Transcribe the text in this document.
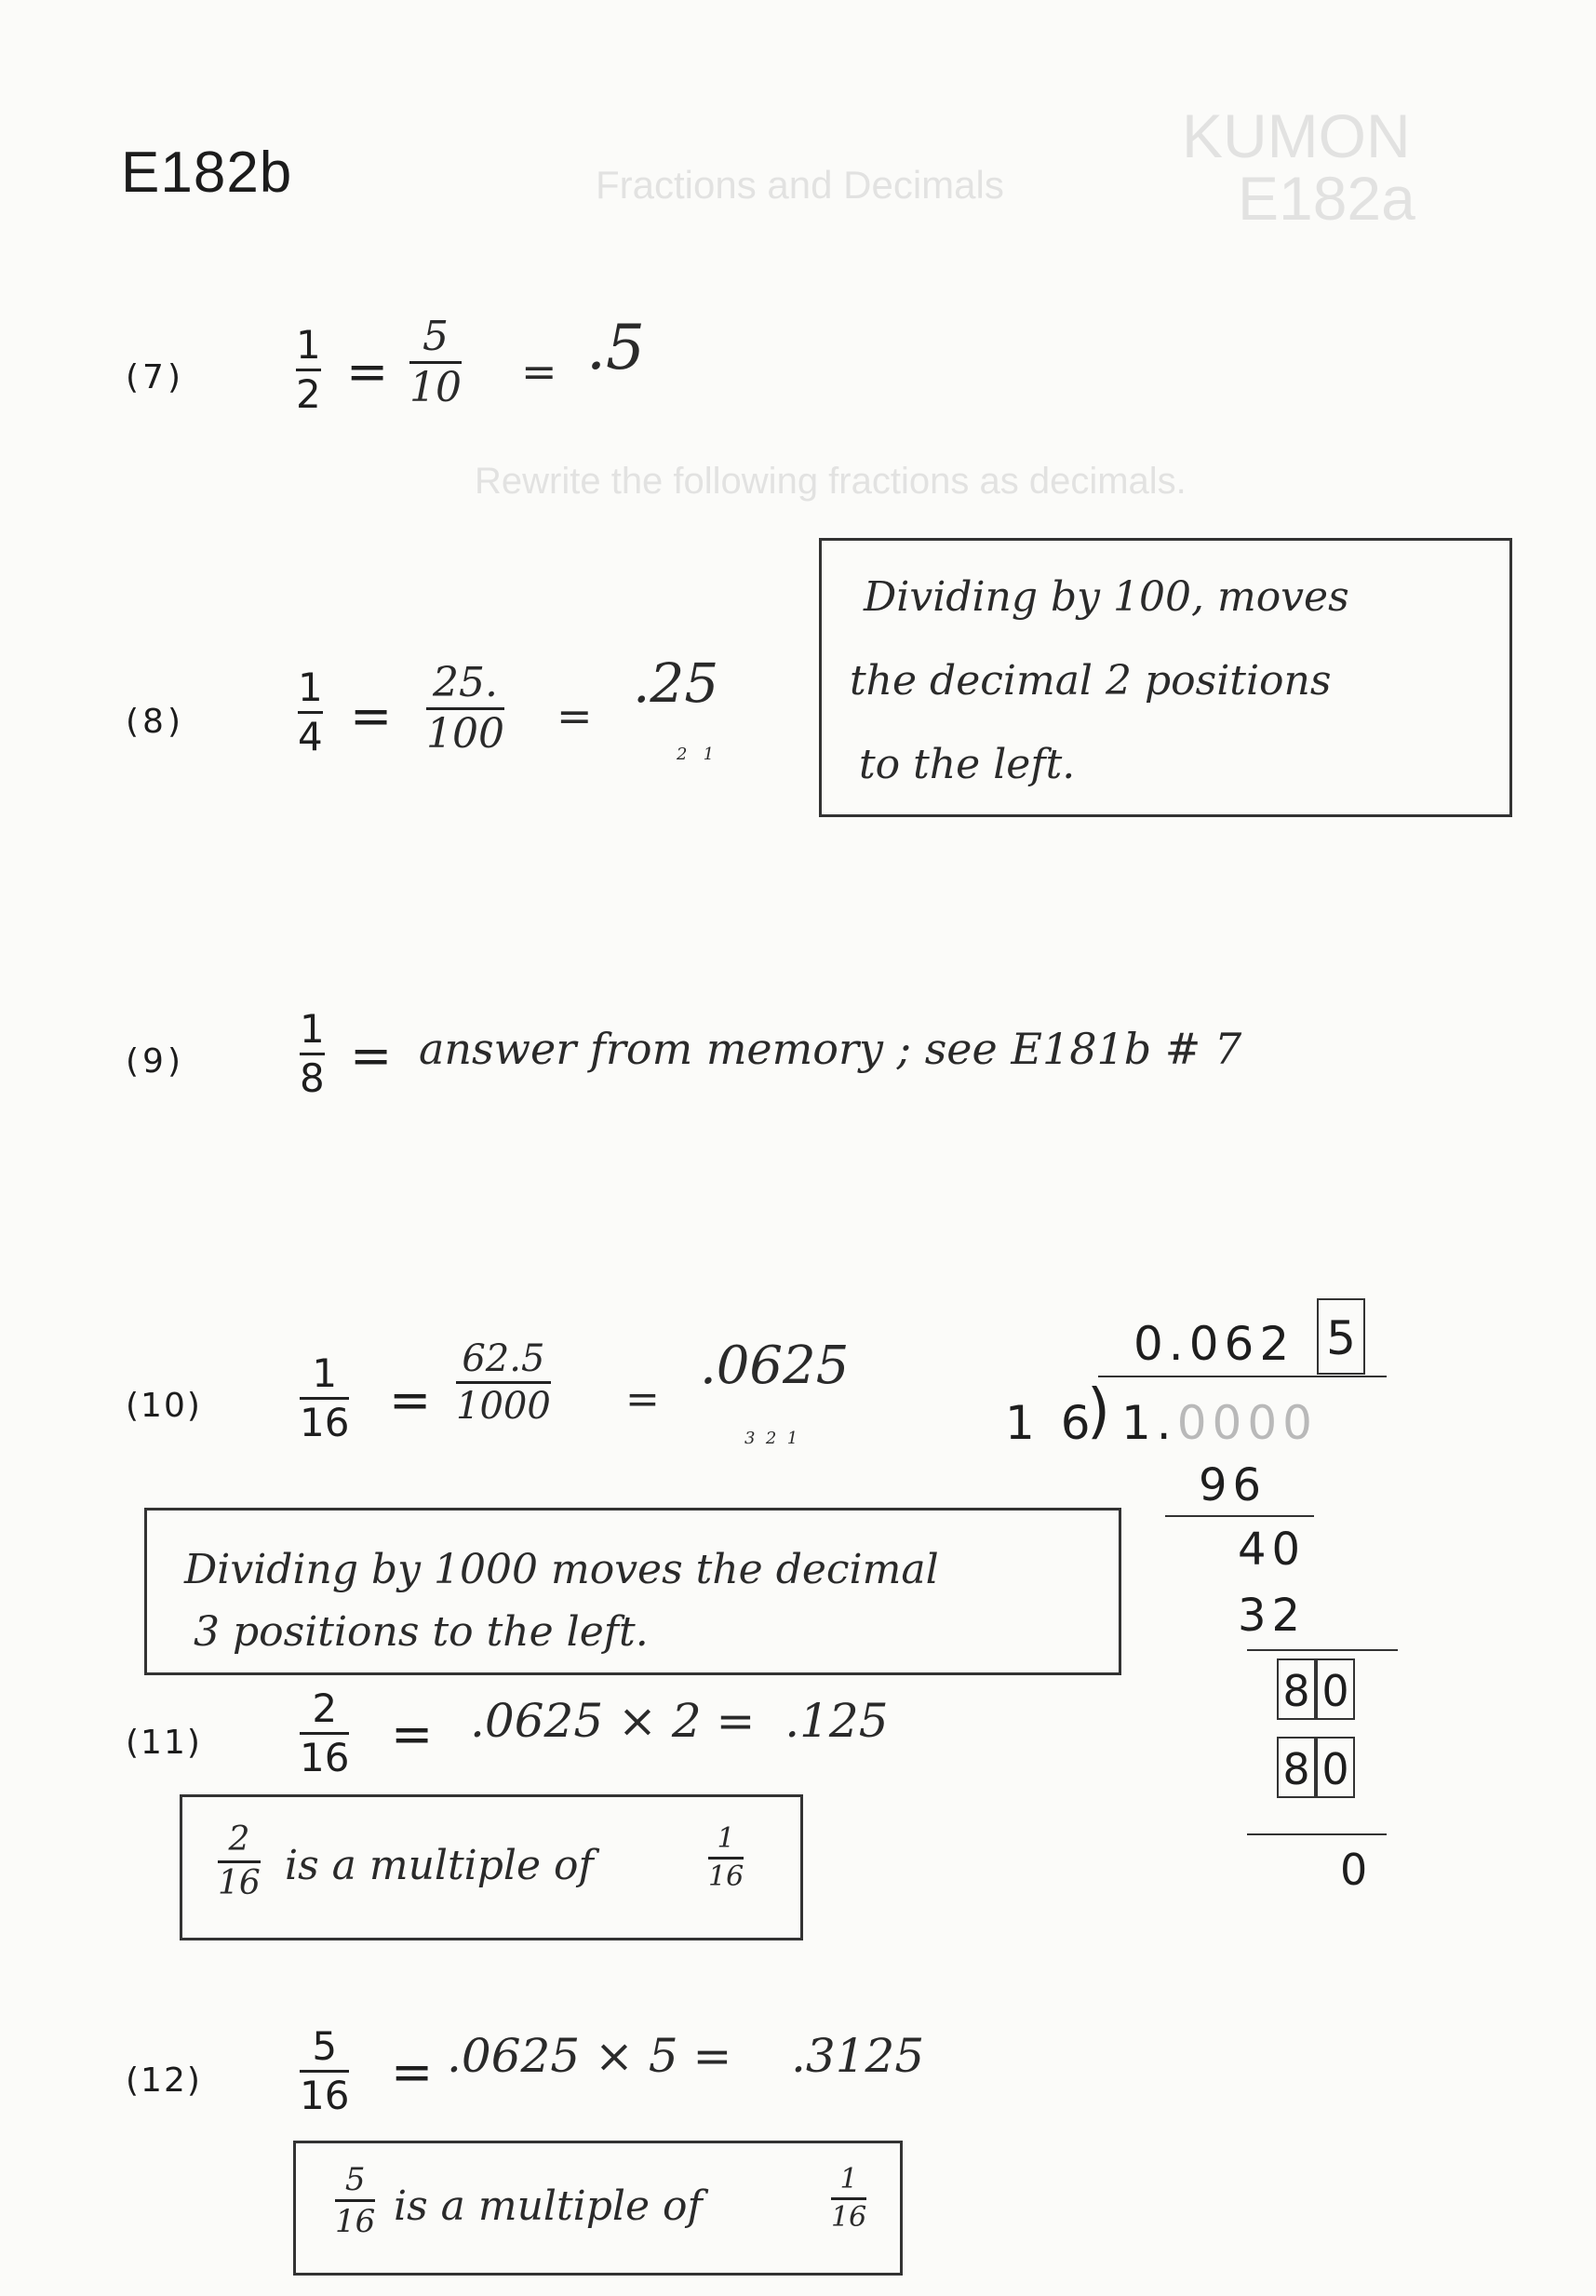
KUMON
E182a
Fractions and Decimals
Rewrite the following fractions as decimals.
E182b
(7)
1
2 =
5
10 = .5
(8)
1
4 =
25.
100 =
.25
2   1
Dividing by 100, moves
the decimal 2 positions
to the left.
(9)
1
8 = answer from memory ; see E181b # 7
(10)
1
16 =
62.5
1000 =
.0625
3  2  1
Dividing by 1000 moves the decimal
3 positions to the left.
0.062 5
1 6
) 1.0000
96
40
32
8 0
8 0
0
(11)
2
16 = .0625 × 2 =  .125
2
16 is a multiple of
1
16
(12)
5
16 = .0625 × 5 =    .3125
5
16 is a multiple of
1
16
